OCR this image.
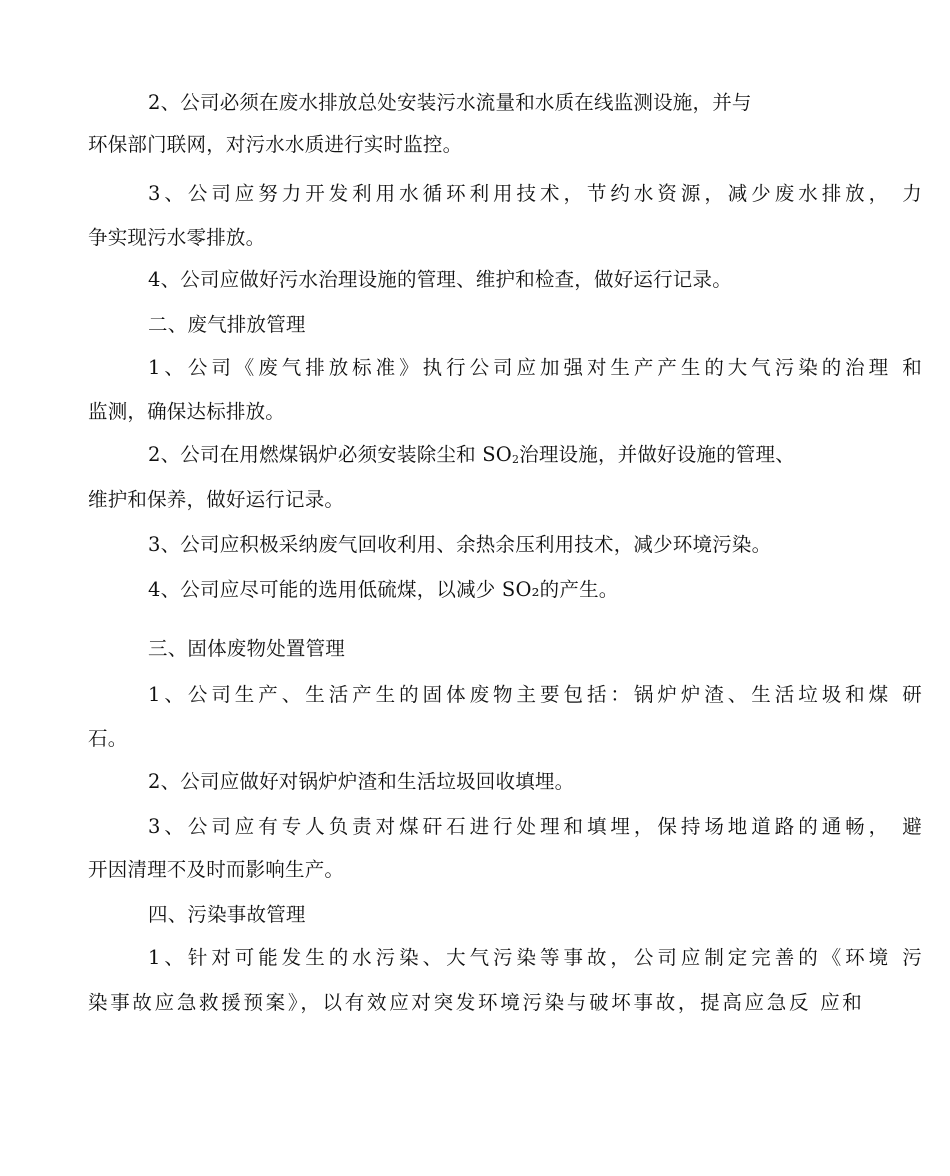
2、公司必须在废水排放总处安装污水流量和水质在线监测设施，并与
环保部门联网，对污水水质进行实时监控。
3、公司应努力开发利用水循环利用技术，节约水资源，减少废水排放， 力
争实现污水零排放。
4、公司应做好污水治理设施的管理、维护和检查，做好运行记录。
二、废气排放管理
1、公司《废气排放标准》执行公司应加强对生产产生的大气污染的治理 和
监测，确保达标排放。
2、公司在用燃煤锅炉必须安装除尘和 $SO_2$治理设施，并做好设施的管理、
维护和保养，做好运行记录。
3、公司应积极采纳废气回收利用、余热余压利用技术，减少环境污染。
4、公司应尽可能的选用低硫煤，以减少 SO₂的产生。
三、固体废物处置管理
1、公司生产、生活产生的固体废物主要包括：锅炉炉渣、生活垃圾和煤 研
石。
2、公司应做好对锅炉炉渣和生活垃圾回收填埋。
3、公司应有专人负责对煤矸石进行处理和填埋，保持场地道路的通畅， 避
开因清理不及时而影响生产。
四、污染事故管理
1、针对可能发生的水污染、大气污染等事故，公司应制定完善的《环境 污
染事故应急救援预案》，以有效应对突发环境污染与破坏事故，提高应急反 应和
